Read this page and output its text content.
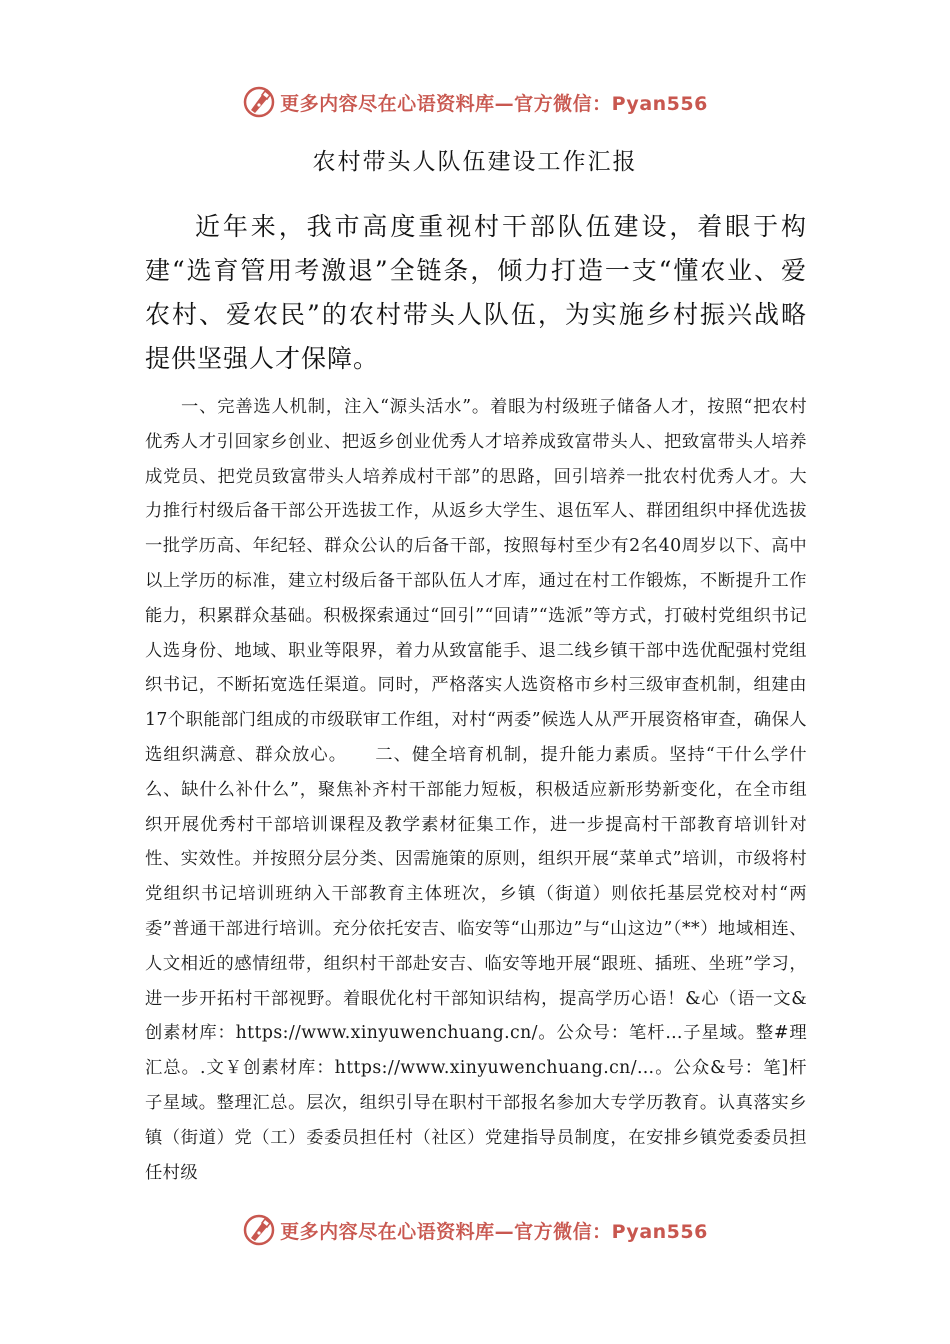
更多内容尽在心语资料库—官方微信：Pyan556
农村带头人队伍建设工作汇报

近年来，我市高度重视村干部队伍建设，着眼于构建“选育管用考激退”全链条，倾力打造一支“懂农业、爱农村、爱农民”的农村带头人队伍，为实施乡村振兴战略提供坚强人才保障。

一、完善选人机制，注入“源头活水”。着眼为村级班子储备人才，按照“把农村优秀人才引回家乡创业、把返乡创业优秀人才培养成致富带头人、把致富带头人培养成党员、把党员致富带头人培养成村干部”的思路，回引培养一批农村优秀人才。大力推行村级后备干部公开选拔工作，从返乡大学生、退伍军人、群团组织中择优选拔一批学历高、年纪轻、群众公认的后备干部，按照每村至少有2名40周岁以下、高中以上学历的标准，建立村级后备干部队伍人才库，通过在村工作锻炼，不断提升工作能力，积累群众基础。积极探索通过“回引”“回请”“选派”等方式，打破村党组织书记人选身份、地域、职业等限界，着力从致富能手、退二线乡镇干部中选优配强村党组织书记，不断拓宽选任渠道。同时，严格落实人选资格市乡村三级审查机制，组建由17个职能部门组成的市级联审工作组，对村“两委”候选人从严开展资格审查，确保人选组织满意、群众放心。　　二、健全培育机制，提升能力素质。坚持“干什么学什么、缺什么补什么”，聚焦补齐村干部能力短板，积极适应新形势新变化，在全市组织开展优秀村干部培训课程及教学素材征集工作，进一步提高村干部教育培训针对性、实效性。并按照分层分类、因需施策的原则，组织开展“菜单式”培训，市级将村党组织书记培训班纳入干部教育主体班次，乡镇（街道）则依托基层党校对村“两委”普通干部进行培训。充分依托安吉、临安等“山那边”与“山这边”（**）地域相连、人文相近的感情纽带，组织村干部赴安吉、临安等地开展“跟班、插班、坐班”学习，进一步开拓村干部视野。着眼优化村干部知识结构，提高学历心语！&心（语一文&创素材库：https://www.xinyuwenchuang.cn/。公众号：笔杆…子星域。整#理汇总。.文￥创素材库：https://www.xinyuwenchuang.cn/…。公众&号：笔]杆子星域。整理汇总。层次，组织引导在职村干部报名参加大专学历教育。认真落实乡镇（街道）党（工）委委员担任村（社区）党建指导员制度，在安排乡镇党委委员担任村级

更多内容尽在心语资料库—官方微信：Pyan556
